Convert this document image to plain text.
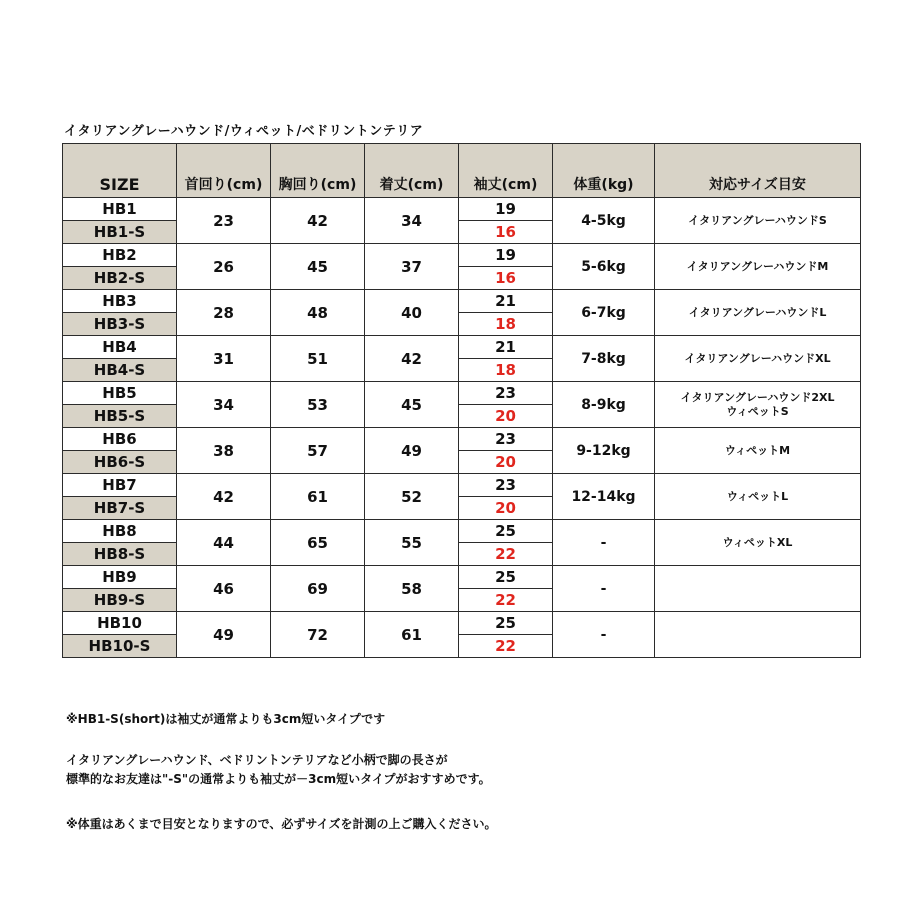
イタリアングレーハウンド/ウィペット/ベドリントンテリア
SIZE	首回り(cm)	胸回り(cm)	着丈(cm)	袖丈(cm)	体重(kg)	対応サイズ目安
HB1	23	42	34	19	4-5kg	イタリアングレーハウンドS

HB1-S				16		
HB2	26	45	37	19	5-6kg	イタリアングレーハウンドM

HB2-S				16		
HB3	28	48	40	21	6-7kg	イタリアングレーハウンドL

HB3-S				18		
HB4	31	51	42	21	7-8kg	イタリアングレーハウンドXL

HB4-S				18		
HB5	34	53	45	23	8-9kg	イタリアングレーハウンド2XL
ウィペットS

HB5-S				20		
HB6	38	57	49	23	9-12kg	ウィペットM

HB6-S				20		
HB7	42	61	52	23	12-14kg	ウィペットL

HB7-S				20		
HB8	44	65	55	25	-	ウィペットXL

HB8-S				22		
HB9	46	69	58	25	-	

HB9-S				22		
HB10	49	72	61	25	-	

HB10-S				22		
※HB1-S(short)は袖丈が通常よりも3cm短いタイプです
イタリアングレーハウンド、ベドリントンテリアなど小柄で脚の長さが
標準的なお友達は"-S"の通常よりも袖丈が－3cm短いタイプがおすすめです。
※体重はあくまで目安となりますので、必ずサイズを計測の上ご購入ください。
